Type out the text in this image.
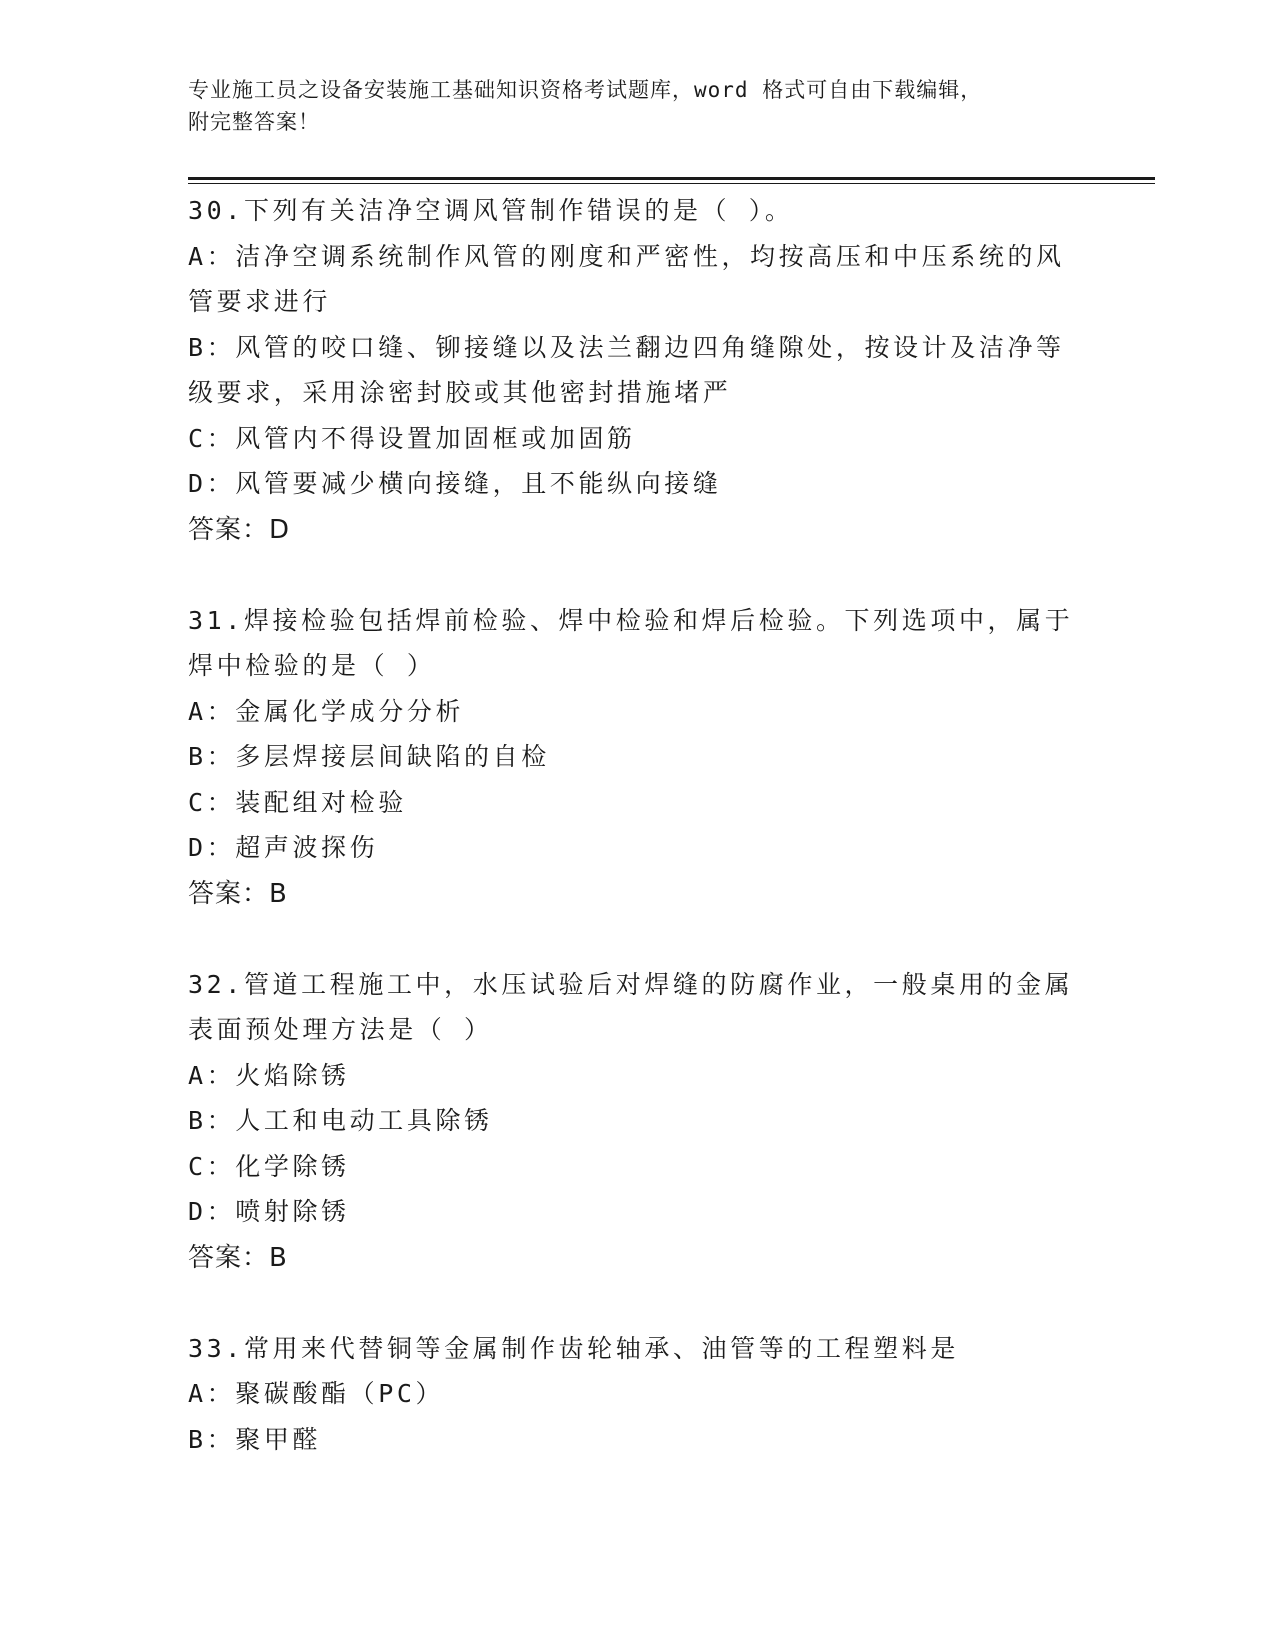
专业施工员之设备安装施工基础知识资格考试题库，word 格式可自由下载编辑，
附完整答案！
30.下列有关洁净空调风管制作错误的是（ ）。
A：洁净空调系统制作风管的刚度和严密性，均按高压和中压系统的风管要求进行
B：风管的咬口缝、铆接缝以及法兰翻边四角缝隙处，按设计及洁净等级要求，采用涂密封胶或其他密封措施堵严
C：风管内不得设置加固框或加固筋
D：风管要减少横向接缝，且不能纵向接缝
答案：D
31.焊接检验包括焊前检验、焊中检验和焊后检验。下列选项中，属于焊中检验的是（ ）
A：金属化学成分分析
B：多层焊接层间缺陷的自检
C：装配组对检验
D：超声波探伤
答案：B
32.管道工程施工中，水压试验后对焊缝的防腐作业，一般桌用的金属表面预处理方法是（ ）
A：火焰除锈
B：人工和电动工具除锈
C：化学除锈
D：喷射除锈
答案：B
33.常用来代替铜等金属制作齿轮轴承、油管等的工程塑料是
A：聚碳酸酯（PC）
B：聚甲醛
